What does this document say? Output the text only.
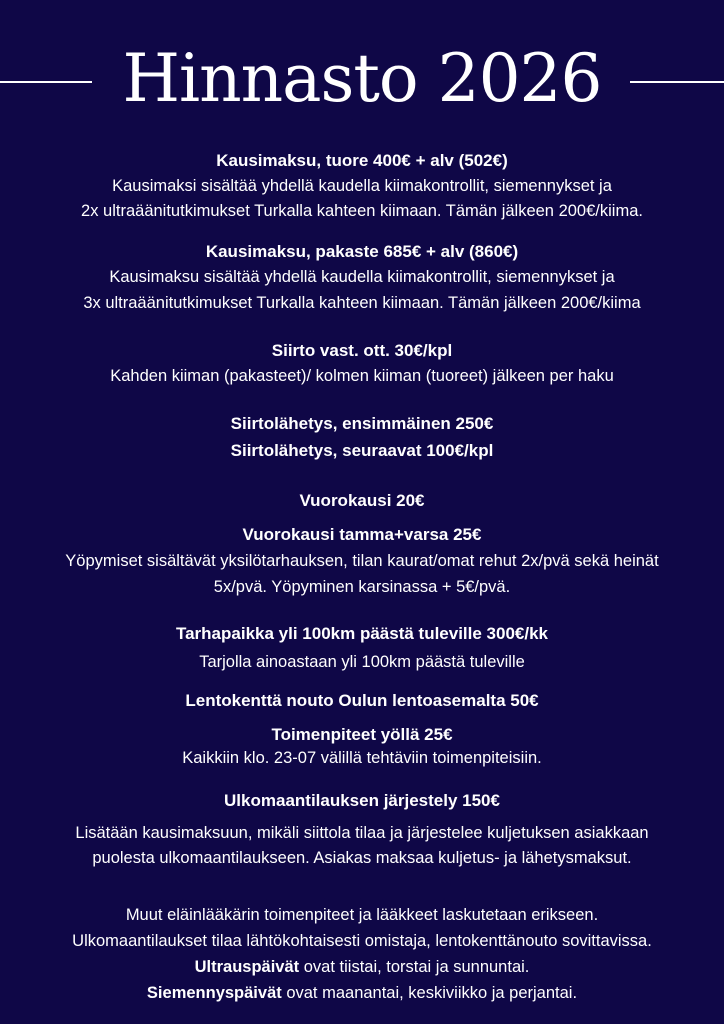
Hinnasto 2026
Kausimaksu, tuore 400€ + alv (502€)
Kausimaksi sisältää yhdellä kaudella kiimakontrollit, siemennykset ja
2x ultraäänitutkimukset Turkalla kahteen kiimaan. Tämän jälkeen 200€/kiima.
Kausimaksu, pakaste 685€ + alv (860€)
Kausimaksu sisältää yhdellä kaudella kiimakontrollit, siemennykset ja
3x ultraäänitutkimukset Turkalla kahteen kiimaan. Tämän jälkeen 200€/kiima
Siirto vast. ott. 30€/kpl
Kahden kiiman (pakasteet)/ kolmen kiiman (tuoreet) jälkeen per haku
Siirtolähetys, ensimmäinen 250€
Siirtolähetys, seuraavat 100€/kpl
Vuorokausi 20€
Vuorokausi tamma+varsa 25€
Yöpymiset sisältävät yksilötarhauksen, tilan kaurat/omat rehut 2x/pvä sekä heinät
5x/pvä. Yöpyminen karsinassa + 5€/pvä.
Tarhapaikka yli 100km päästä tuleville 300€/kk
Tarjolla ainoastaan yli 100km päästä tuleville
Lentokenttä nouto Oulun lentoasemalta 50€
Toimenpiteet yöllä 25€
Kaikkiin klo. 23-07 välillä tehtäviin toimenpiteisiin.
Ulkomaantilauksen järjestely 150€
Lisätään kausimaksuun, mikäli siittola tilaa ja järjestelee kuljetuksen asiakkaan
puolesta ulkomaantilaukseen. Asiakas maksaa kuljetus- ja lähetysmaksut.
Muut eläinlääkärin toimenpiteet ja lääkkeet laskutetaan erikseen.
Ulkomaantilaukset tilaa lähtökohtaisesti omistaja, lentokenttänouto sovittavissa.
Ultrauspäivät ovat tiistai, torstai ja sunnuntai.
Siemennyspäivät ovat maanantai, keskiviikko ja perjantai.
